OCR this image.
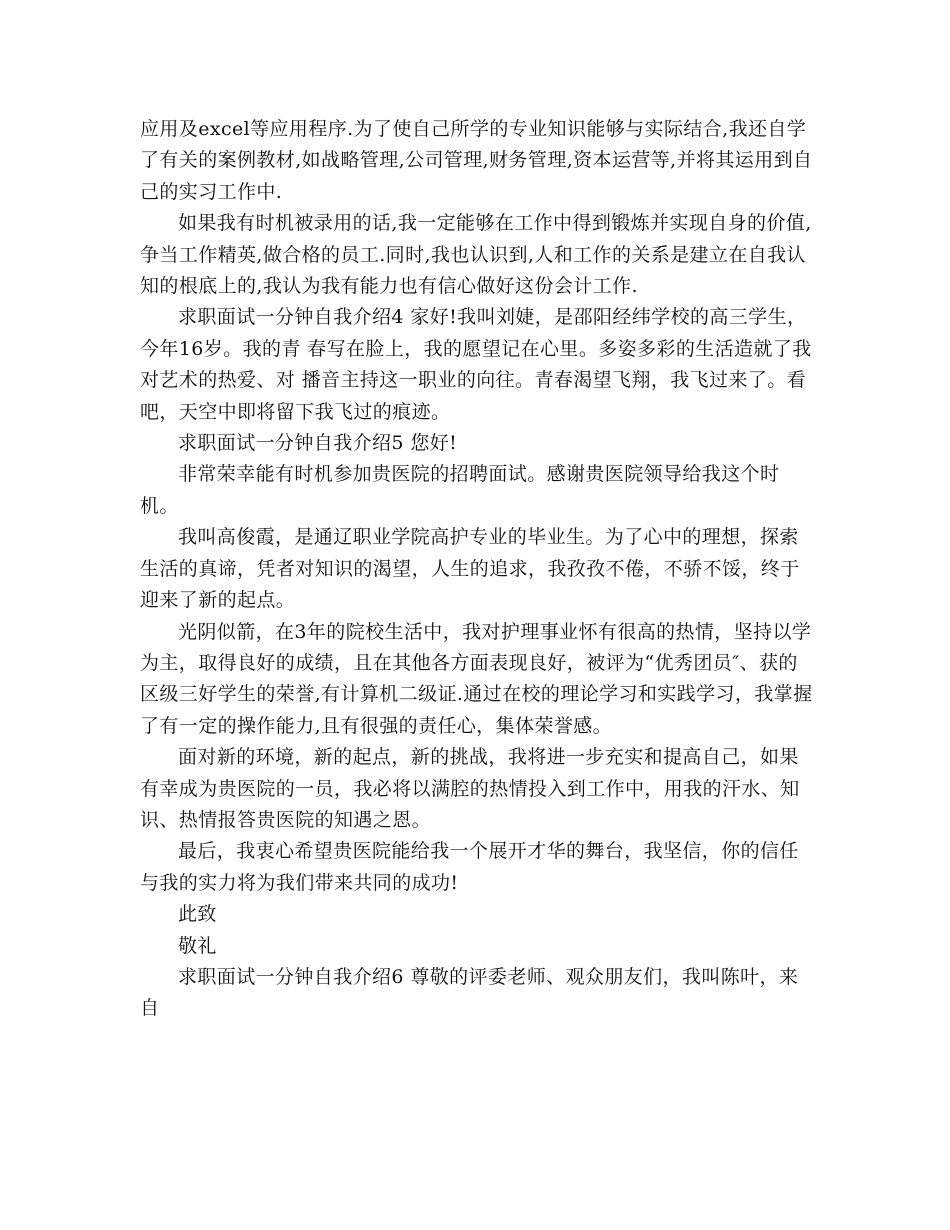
应用及excel等应用程序.为了使自己所学的专业知识能够与实际结合,我还自学了有关的案例教材,如战略管理,公司管理,财务管理,资本运营等,并将其运用到自己的实习工作中.

如果我有时机被录用的话,我一定能够在工作中得到锻炼并实现自身的价值,争当工作精英,做合格的员工.同时,我也认识到,人和工作的关系是建立在自我认知的根底上的,我认为我有能力也有信心做好这份会计工作.

求职面试一分钟自我介绍4 家好!我叫刘婕，是邵阳经纬学校的高三学生，今年16岁。我的青 春写在脸上，我的愿望记在心里。多姿多彩的生活造就了我对艺术的热爱、对 播音主持这一职业的向往。青春渴望飞翔，我飞过来了。看吧，天空中即将留下我飞过的痕迹。

求职面试一分钟自我介绍5 您好!

非常荣幸能有时机参加贵医院的招聘面试。感谢贵医院领导给我这个时机。

我叫高俊霞，是通辽职业学院高护专业的毕业生。为了心中的理想，探索生活的真谛，凭者对知识的渴望，人生的追求，我孜孜不倦，不骄不馁，终于迎来了新的起点。

光阴似箭，在3年的院校生活中，我对护理事业怀有很高的热情，坚持以学为主，取得良好的成绩，且在其他各方面表现良好，被评为“优秀团员″、获的区级三好学生的荣誉,有计算机二级证.通过在校的理论学习和实践学习，我掌握了有一定的操作能力,且有很强的责任心，集体荣誉感。

面对新的环境，新的起点，新的挑战，我将进一步充实和提高自己，如果有幸成为贵医院的一员，我必将以满腔的热情投入到工作中，用我的汗水、知识、热情报答贵医院的知遇之恩。

最后，我衷心希望贵医院能给我一个展开才华的舞台，我坚信，你的信任与我的实力将为我们带来共同的成功!

此致

敬礼

求职面试一分钟自我介绍6 尊敬的评委老师、观众朋友们，我叫陈叶，来自
